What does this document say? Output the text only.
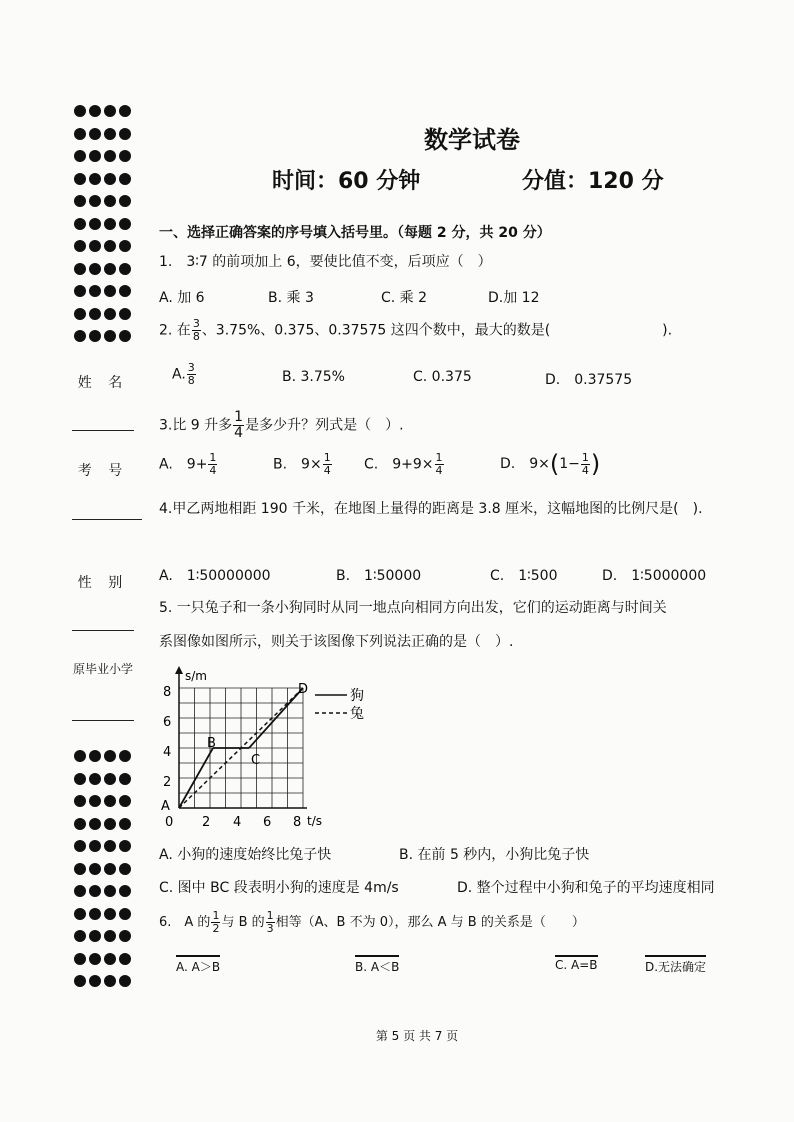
姓 名
考 号
性 别
原毕业小学
数学试卷
时间：60 分钟	分值：120 分
一、选择正确答案的序号填入括号里。（每题 2 分，共 20 分）
1.　3∶7 的前项加上 6，要使比值不变，后项应（　）
A. 加 6	B. 乘 3	C. 乘 2	D.加 12
2. 在 $\frac{3}{8}$ 、3.75%、0.375、0.37575 这四个数中，最大的数是(　　　　　　　　).
A. $\frac{3}{8}$	B. 3.75%	C. 0.375	D.　0.37575
3.比 9 升多 $\frac{1}{4}$ 是多少升？列式是（　）.
A.　$9+ \frac{1}{4}$	B.　$9\times \frac{1}{4} C$.　$9+9\times \frac{1}{4}$	D.　$9\times(1- \frac{1}{4}$ )
4.甲乙两地相距 190 千米，在地图上量得的距离是 3.8 厘米，这幅地图的比例尺是(　).
A.　1∶50000000	B.　1∶50000	C.　1∶500	D.　1∶5000000
5. 一只兔子和一条小狗同时从同一地点向相同方向出发，它们的运动距离与时间关
系图像如图所示，则关于该图像下列说法正确的是（　）.
狗
兔
s/m
t/s
8
6
4
2
0 2 4 6 8
A
B
C
D
A. 小狗的速度始终比兔子快	B. 在前 5 秒内，小狗比兔子快
C. 图中 BC 段表明小狗的速度是 4m/s	D. 整个过程中小狗和兔子的平均速度相同
6.　A 的 $\frac{1}{2}$ 与 B 的 $\frac{1}{3}$ 相等（A、B 不为 0），那么 A 与 B 的关系是（　　）
A. A＞B	B. A＜B	C. A=B	D.无法确定
第 5 页 共 7 页
